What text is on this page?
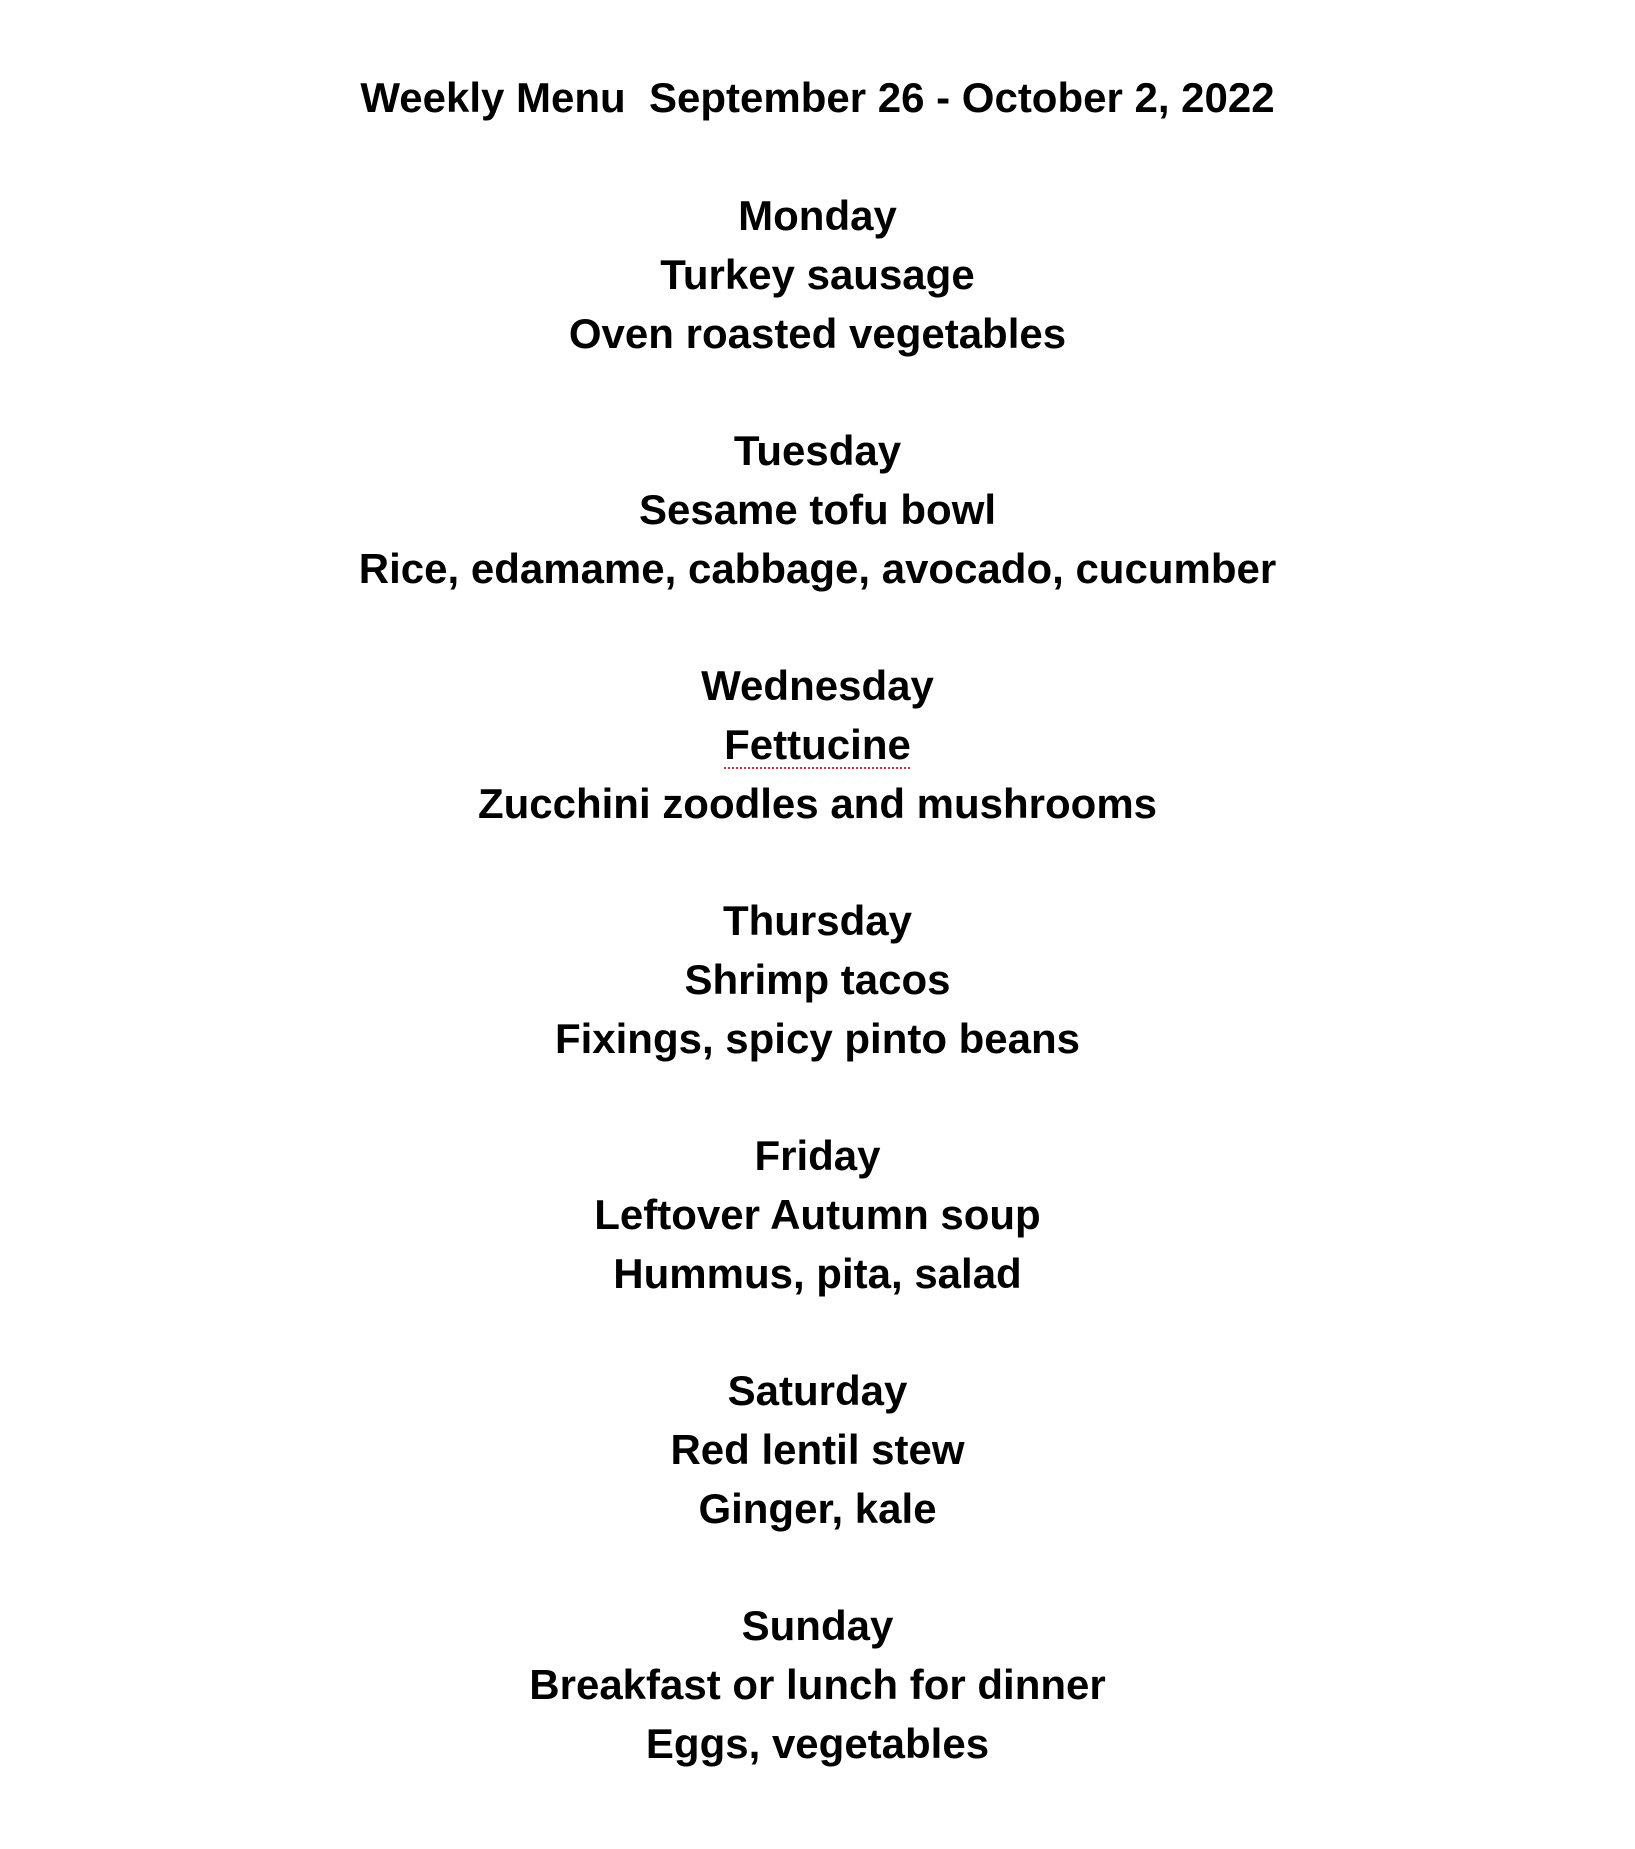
Weekly Menu  September 26 - October 2, 2022
Monday
Turkey sausage
Oven roasted vegetables
Tuesday
Sesame tofu bowl
Rice, edamame, cabbage, avocado, cucumber
Wednesday
Fettucine
Zucchini zoodles and mushrooms
Thursday
Shrimp tacos
Fixings, spicy pinto beans
Friday
Leftover Autumn soup
Hummus, pita, salad
Saturday
Red lentil stew
Ginger, kale
Sunday
Breakfast or lunch for dinner
Eggs, vegetables
